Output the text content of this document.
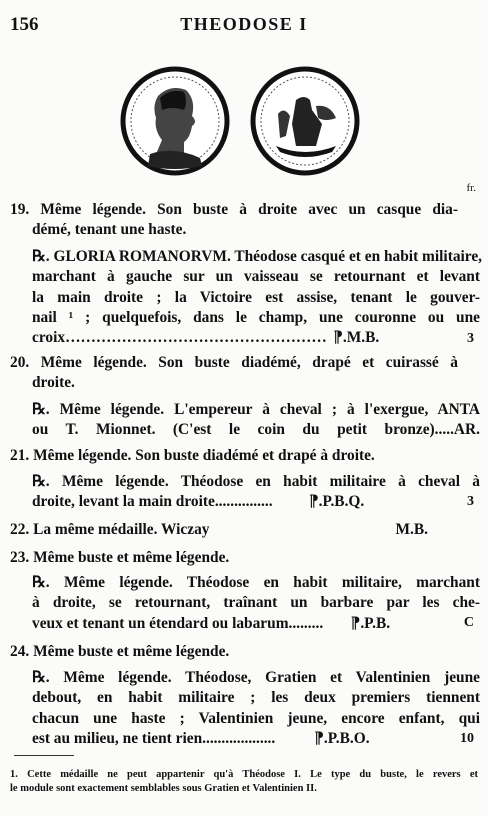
156	THEODOSE I
fr.
19. Même légende. Son buste à droite avec un casque dia-
démé, tenant une haste.
℞. GLORIA ROMANORVM. Théodose casqué et en habit militaire,
marchant à gauche sur un vaisseau se retournant et levant
la main droite ; la Victoire est assise, tenant le gouver-
nail ¹ ; quelquefois, dans le champ, une couronne ou une
croix…………………………………………… ⁋.M.B.	3
20. Même légende. Son buste diadémé, drapé et cuirassé à
droite.
℞. Même légende. L'empereur à cheval ; à l'exergue, ANTA
ou T. Mionnet. (C'est le coin du petit bronze).....AR.
21. Même légende. Son buste diadémé et drapé à droite.
℞. Même légende. Théodose en habit militaire à cheval à
droite, levant la main droite............... ⁋.P.B.Q.	3
22. La même médaille. Wiczay	M.B.
23. Même buste et même légende.
℞. Même légende. Théodose en habit militaire, marchant
à droite, se retournant, traînant un barbare par les che-
veux et tenant un étendard ou labarum......... ⁋.P.B.	C
24. Même buste et même légende.
℞. Même légende. Théodose, Gratien et Valentinien jeune
debout, en habit militaire ; les deux premiers tiennent
chacun une haste ; Valentinien jeune, encore enfant, qui
est au milieu, ne tient rien...................	⁋.P.B.O.	10
1. Cette médaille ne peut appartenir qu'à Théodose I. Le type du buste, le revers et
le module sont exactement semblables sous Gratien et Valentinien II.
